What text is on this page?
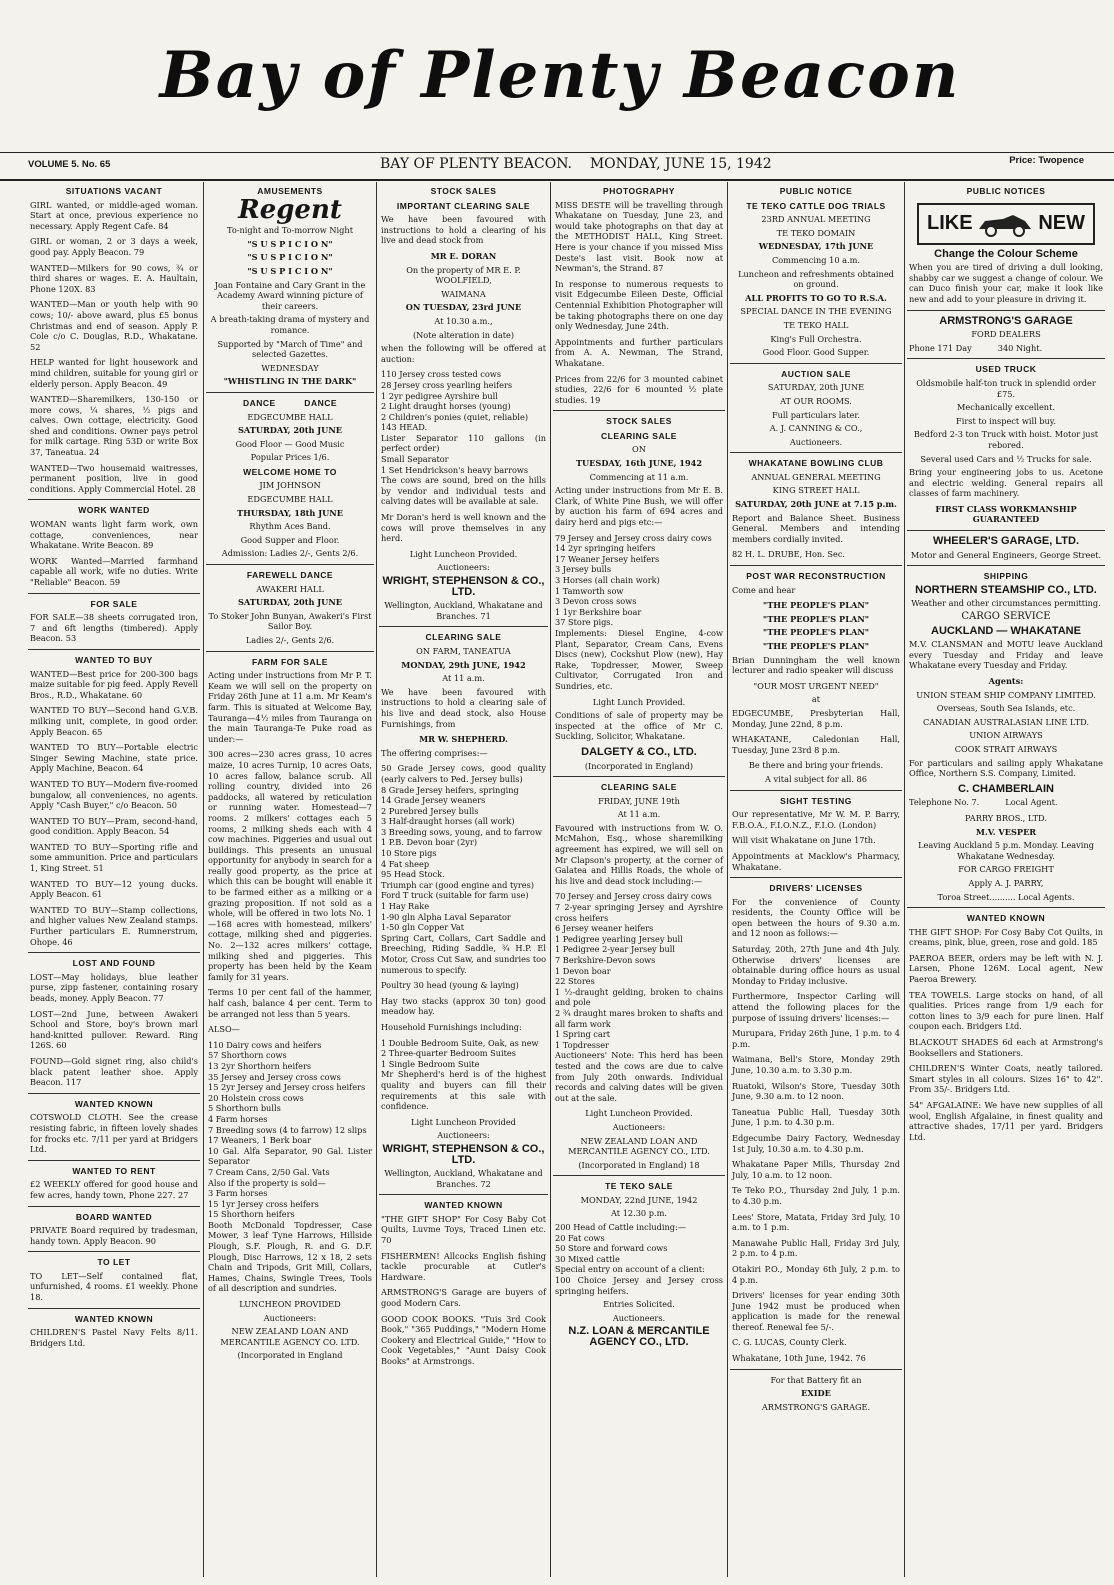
Bay of Plenty Beacon
VOLUME 5. No. 65	BAY OF PLENTY BEACON. MONDAY, JUNE 15, 1942	Price: Twopence
SITUATIONS VACANT
GIRL wanted, or middle-aged woman. Start at once, previous experience no necessary. Apply Regent Cafe. 84
GIRL or woman, 2 or 3 days a week, good pay. Apply Beacon. 79
WANTED—Milkers for 90 cows, ¾ or third shares or wages. E. A. Haultain, Phone 120X. 83
WANTED—Man or youth help with 90 cows; 10/- above award, plus £5 bonus Christmas and end of season. Apply P. Cole c/o C. Douglas, R.D., Whakatane. 52
HELP wanted for light housework and mind children, suitable for young girl or elderly person. Apply Beacon. 49
WANTED—Sharemilkers, 130-150 or more cows, ¼ shares, ½ pigs and calves. Own cottage, electricity. Good shed and conditions. Owner pays petrol for milk cartage. Ring 53D or write Box 37, Taneatua. 24
WANTED—Two housemaid waitresses, permanent position, live in good conditions. Apply Commercial Hotel. 28
WORK WANTED
WOMAN wants light farm work, own cottage, conveniences, near Whakatane. Write Beacon. 89
WORK Wanted—Married farmhand capable all work, wife no duties. Write "Reliable" Beacon. 59
FOR SALE
FOR SALE—38 sheets corrugated iron, 7 and 6ft lengths (timbered). Apply Beacon. 53
WANTED TO BUY
WANTED—Best price for 200-300 bags maize suitable for pig feed. Apply Revell Bros., R.D., Whakatane. 60
WANTED TO BUY—Second hand G.V.B. milking unit, complete, in good order. Apply Beacon. 65
WANTED TO BUY—Portable electric Singer Sewing Machine, state price. Apply Machine, Beacon. 64
WANTED TO BUY—Modern five-roomed bungalow, all conveniences, no agents. Apply "Cash Buyer," c/o Beacon. 50
WANTED TO BUY—Pram, second-hand, good condition. Apply Beacon. 54
WANTED TO BUY—Sporting rifle and some ammunition. Price and particulars 1, King Street. 51
WANTED TO BUY—12 young ducks. Apply Beacon. 61
WANTED TO BUY—Stamp collections, and higher values New Zealand stamps. Further particulars E. Rumnerstrum, Ohope. 46
LOST AND FOUND
LOST—May holidays, blue leather purse, zipp fastener, containing rosary beads, money. Apply Beacon. 77
LOST—2nd June, between Awakeri School and Store, boy's brown marl hand-knitted pullover. Reward. Ring 126S. 60
FOUND—Gold signet ring, also child's black patent leather shoe. Apply Beacon. 117
WANTED KNOWN
COTSWOLD CLOTH. See the crease resisting fabric, in fifteen lovely shades for frocks etc. 7/11 per yard at Bridgers Ltd.
WANTED TO RENT
£2 WEEKLY offered for good house and few acres, handy town, Phone 227. 27
BOARD WANTED
PRIVATE Board required by tradesman, handy town. Apply Beacon. 90
TO LET
TO LET—Self contained flat, unfurnished, 4 rooms. £1 weekly. Phone 18.
WANTED KNOWN
CHILDREN'S Pastel Navy Felts 8/11. Bridgers Ltd.
AMUSEMENTS
Regent
To-night and To-morrow Night
"S U S P I C I O N"
"S U S P I C I O N"
"S U S P I C I O N"
Joan Fontaine and Cary Grant in the Academy Award winning picture of their careers.
A breath-taking drama of mystery and romance.
Supported by "March of Time" and selected Gazettes.
WEDNESDAY
"WHISTLING IN THE DARK"
DANCE          DANCE
EDGECUMBE HALL
SATURDAY, 20th JUNE
Good Floor — Good Music
Popular Prices 1/6.
WELCOME HOME TO
JIM JOHNSON
EDGECUMBE HALL
THURSDAY, 18th JUNE
Rhythm Aces Band.
Good Supper and Floor.
Admission: Ladies 2/-, Gents 2/6.
FAREWELL DANCE
AWAKERI HALL
SATURDAY, 20th JUNE
To Stoker John Bunyan, Awakeri's First Sailor Boy.
Ladies 2/-, Gents 2/6.
FARM FOR SALE
Acting under instructions from Mr P. T. Keam we will sell on the property on Friday 26th June at 11 a.m. Mr Keam's farm. This is situated at Welcome Bay, Tauranga—4½ miles from Tauranga on the main Tauranga-Te Puke road as under:—
300 acres—230 acres grass, 10 acres maize, 10 acres Turnip, 10 acres Oats, 10 acres fallow, balance scrub. All rolling country, divided into 26 paddocks, all watered by reticulation or running water. Homestead—7 rooms. 2 milkers' cottages each 5 rooms, 2 milking sheds each with 4 cow machines. Piggeries and usual out buildings. This presents an unusual opportunity for anybody in search for a really good property, as the price at which this can be bought will enable it to be farmed either as a milking or a grazing proposition. If not sold as a whole, will be offered in two lots No. 1—168 acres with homestead, milkers' cottage, milking shed and piggeries. No. 2—132 acres milkers' cottage, milking shed and piggeries. This property has been held by the Keam family for 31 years.
Terms 10 per cent fail of the hammer, half cash, balance 4 per cent. Term to be arranged not less than 5 years.
ALSO—
110 Dairy cows and heifers
57 Shorthorn cows
13 2yr Shorthorn heifers
35 Jersey and Jersey cross cows
15 2yr Jersey and Jersey cross heifers
20 Holstein cross cows
5 Shorthorn bulls
4 Farm horses
7 Breeding sows (4 to farrow) 12 slips
17 Weaners, 1 Berk boar
10 Gal. Alfa Separator, 90 Gal. Lister Separator
7 Cream Cans, 2/50 Gal. Vats
Also if the property is sold—
3 Farm horses
15 1yr Jersey cross heifers
15 Shorthorn heifers
Booth McDonald Topdresser, Case Mower, 3 leaf Tyne Harrows, Hillside Plough, S.F. Plough, R. and G. D.F. Plough, Disc Harrows, 12 x 18, 2 sets Chain and Tripods, Grit Mill, Collars, Hames, Chains, Swingle Trees, Tools of all description and sundries.
LUNCHEON PROVIDED
Auctioneers:
NEW ZEALAND LOAN AND MERCANTILE AGENCY CO. LTD.
(Incorporated in England
STOCK SALES
IMPORTANT CLEARING SALE
We have been favoured with instructions to hold a clearing of his live and dead stock from
MR E. DORAN
On the property of MR E. P. WOOLFIELD,
WAIMANA
ON TUESDAY, 23rd JUNE
At 10.30 a.m.,
(Note alteration in date)
when the following will be offered at auction:
110 Jersey cross tested cows
28 Jersey cross yearling heifers
1 2yr pedigree Ayrshire bull
2 Light draught horses (young)
2 Children's ponies (quiet, reliable)
143 HEAD.
Lister Separator 110 gallons (in perfect order)
Small Separator
1 Set Hendrickson's heavy barrows
The cows are sound, bred on the hills by vendor and individual tests and calving dates will be available at sale.
Mr Doran's herd is well known and the cows will prove themselves in any herd.
Light Luncheon Provided.
Auctioneers:
WRIGHT, STEPHENSON & CO., LTD.
Wellington, Auckland, Whakatane and Branches. 71
CLEARING SALE
ON FARM, TANEATUA
MONDAY, 29th JUNE, 1942
At 11 a.m.
We have been favoured with instructions to hold a clearing sale of his live and dead stock, also House Furnishings, from
MR W. SHEPHERD.
The offering comprises:—
50 Grade Jersey cows, good quality (early calvers to Ped. Jersey bulls)
8 Grade Jersey heifers, springing
14 Grade Jersey weaners
2 Purebred Jersey bulls
3 Half-draught horses (all work)
3 Breeding sows, young, and to farrow
1 P.B. Devon boar (2yr)
10 Store pigs
4 Fat sheep
95 Head Stock.
Triumph car (good engine and tyres)
Ford T truck (suitable for farm use)
1 Hay Rake
1-90 gln Alpha Laval Separator
1-50 gln Copper Vat
Spring Cart, Collars, Cart Saddle and Breeching, Riding Saddle, ¾ H.P. El Motor, Cross Cut Saw, and sundries too numerous to specify.
Poultry 30 head (young & laying)
Hay two stacks (approx 30 ton) good meadow hay.
Household Furnishings including:
1 Double Bedroom Suite, Oak, as new
2 Three-quarter Bedroom Suites
1 Single Bedroom Suite
Mr Shepherd's herd is of the highest quality and buyers can fill their requirements at this sale with confidence.
Light Luncheon Provided
Auctioneers:
WRIGHT, STEPHENSON & CO., LTD.
Wellington, Auckland, Whakatane and Branches. 72
WANTED KNOWN
"THE GIFT SHOP" For Cosy Baby Cot Quilts, Luvme Toys, Traced Linen etc. 70
FISHERMEN! Allcocks English fishing tackle procurable at Cutler's Hardware.
ARMSTRONG'S Garage are buyers of good Modern Cars.
GOOD COOK BOOKS. "Tuis 3rd Cook Book," "365 Puddings," "Modern Home Cookery and Electrical Guide," "How to Cook Vegetables," "Aunt Daisy Cook Books" at Armstrongs.
PHOTOGRAPHY
MISS DESTE will be travelling through Whakatane on Tuesday, June 23, and would take photographs on that day at the METHODIST HALL, King Street. Here is your chance if you missed Miss Deste's last visit. Book now at Newman's, the Strand. 87
In response to numerous requests to visit Edgecumbe Eileen Deste, Official Centennial Exhibition Photographer will be taking photographs there on one day only Wednesday, June 24th.
Appointments and further particulars from A. A. Newman, The Strand, Whakatane.
Prices from 22/6 for 3 mounted cabinet studies, 22/6 for 6 mounted ½ plate studies. 19
STOCK SALES
CLEARING SALE
ON
TUESDAY, 16th JUNE, 1942
Commencing at 11 a.m.
Acting under instructions from Mr E. B. Clark, of White Pine Bush, we will offer by auction his farm of 694 acres and dairy herd and pigs etc:—
79 Jersey and Jersey cross dairy cows
14 2yr springing heifers
17 Weaner Jersey heifers
3 Jersey bulls
3 Horses (all chain work)
1 Tamworth sow
3 Devon cross sows
1 1yr Berkshire boar
37 Store pigs.
Implements: Diesel Engine, 4-cow Plant, Separator, Cream Cans, Evens Discs (new), Cockshut Plow (new), Hay Rake, Topdresser, Mower, Sweep Cultivator, Corrugated Iron and Sundries, etc.
Light Lunch Provided.
Conditions of sale of property may be inspected at the office of Mr C. Suckling, Solicitor, Whakatane.
DALGETY & CO., LTD.
(Incorporated in England)
CLEARING SALE
FRIDAY, JUNE 19th
At 11 a.m.
Favoured with instructions from W. O. McMahon, Esq., whose sharemilking agreement has expired, we will sell on Mr Clapson's property, at the corner of Galatea and Hillis Roads, the whole of his live and dead stock including:—
70 Jersey and Jersey cross dairy cows
7 2-year springing Jersey and Ayrshire cross heifers
6 Jersey weaner heifers
1 Pedigree yearling Jersey bull
1 Pedigree 2-year Jersey bull
7 Berkshire-Devon sows
1 Devon boar
22 Stores
1 ½-draught gelding, broken to chains and pole
2 ¾ draught mares broken to shafts and all farm work
1 Spring cart
1 Topdresser
Auctioneers' Note: This herd has been tested and the cows are due to calve from July 20th onwards. Individual records and calving dates will be given out at the sale.
Light Luncheon Provided.
Auctioneers:
NEW ZEALAND LOAN AND MERCANTILE AGENCY CO., LTD.
(Incorporated in England) 18
TE TEKO SALE
MONDAY, 22nd JUNE, 1942
At 12.30 p.m.
200 Head of Cattle including:—
20 Fat cows
50 Store and forward cows
30 Mixed cattle
Special entry on account of a client:
100 Choice Jersey and Jersey cross springing heifers.
Entries Solicited.
Auctioneers.
N.Z. LOAN & MERCANTILE AGENCY CO., LTD.
PUBLIC NOTICE
TE TEKO CATTLE DOG TRIALS
23RD ANNUAL MEETING
TE TEKO DOMAIN
WEDNESDAY, 17th JUNE
Commencing 10 a.m.
Luncheon and refreshments obtained on ground.
ALL PROFITS TO GO TO R.S.A.
SPECIAL DANCE IN THE EVENING
TE TEKO HALL
King's Full Orchestra.
Good Floor. Good Supper.
AUCTION SALE
SATURDAY, 20th JUNE
AT OUR ROOMS.
Full particulars later.
A. J. CANNING & CO.,
Auctioneers.
WHAKATANE BOWLING CLUB
ANNUAL GENERAL MEETING
KING STREET HALL
SATURDAY, 20th JUNE at 7.15 p.m.
Report and Balance Sheet. Business General. Members and intending members cordially invited.
82 H. L. DRUBE, Hon. Sec.
POST WAR RECONSTRUCTION
Come and hear
"THE PEOPLE'S PLAN"
"THE PEOPLE'S PLAN"
"THE PEOPLE'S PLAN"
"THE PEOPLE'S PLAN"
Brian Dunningham the well known lecturer and radio speaker will discuss
"OUR MOST URGENT NEED"
at
EDGECUMBE, Presbyterian Hall, Monday, June 22nd, 8 p.m.
WHAKATANE, Caledonian Hall, Tuesday, June 23rd 8 p.m.
Be there and bring your friends.
A vital subject for all. 86
SIGHT TESTING
Our representative, Mr W. M. P. Barry, F.B.O.A., F.I.O.N.Z., F.I.O. (London)
Will visit Whakatane on June 17th.
Appointments at Macklow's Pharmacy, Whakatane.
DRIVERS' LICENSES
For the convenience of County residents, the County Office will be open between the hours of 9.30 a.m. and 12 noon as follows:—
Saturday, 20th, 27th June and 4th July. Otherwise drivers' licenses are obtainable during office hours as usual Monday to Friday inclusive.
Furthermore, Inspector Carling will attend the following places for the purpose of issuing drivers' licenses:—
Murupara, Friday 26th June, 1 p.m. to 4 p.m.
Waimana, Bell's Store, Monday 29th June, 10.30 a.m. to 3.30 p.m.
Ruatoki, Wilson's Store, Tuesday 30th June, 9.30 a.m. to 12 noon.
Taneatua Public Hall, Tuesday 30th June, 1 p.m. to 4.30 p.m.
Edgecumbe Dairy Factory, Wednesday 1st July, 10.30 a.m. to 4.30 p.m.
Whakatane Paper Mills, Thursday 2nd July, 10 a.m. to 12 noon.
Te Teko P.O., Thursday 2nd July, 1 p.m. to 4.30 p.m.
Lees' Store, Matata, Friday 3rd July, 10 a.m. to 1 p.m.
Manawahe Public Hall, Friday 3rd July, 2 p.m. to 4 p.m.
Otakiri P.O., Monday 6th July, 2 p.m. to 4 p.m.
Drivers' licenses for year ending 30th June 1942 must be produced when application is made for the renewal thereof. Renewal fee 5/-.
C. G. LUCAS, County Clerk.
Whakatane, 10th June, 1942. 76
For that Battery fit an
EXIDE
ARMSTRONG'S GARAGE.
PUBLIC NOTICES
LIKE	NEW
Change the Colour Scheme
When you are tired of driving a dull looking, shabby car we suggest a change of colour. We can Duco finish your car, make it look like new and add to your pleasure in driving it.
ARMSTRONG'S GARAGE
FORD DEALERS
Phone 171 Day          340 Night.
USED TRUCK
Oldsmobile half-ton truck in splendid order £75.
Mechanically excellent.
First to inspect will buy.
Bedford 2-3 ton Truck with hoist. Motor just rebored.
Several used Cars and ½ Trucks for sale.
Bring your engineering jobs to us. Acetone and electric welding. General repairs all classes of farm machinery.
FIRST CLASS WORKMANSHIP GUARANTEED
WHEELER'S GARAGE, LTD.
Motor and General Engineers, George Street.
SHIPPING
NORTHERN STEAMSHIP CO., LTD.
Weather and other circumstances permitting.
CARGO SERVICE
AUCKLAND — WHAKATANE
M.V. CLANSMAN and MOTU leave Auckland every Tuesday and Friday and leave Whakatane every Tuesday and Friday.
Agents:
UNION STEAM SHIP COMPANY LIMITED.
Overseas, South Sea Islands, etc.
CANADIAN AUSTRALASIAN LINE LTD.
UNION AIRWAYS
COOK STRAIT AIRWAYS
For particulars and sailing apply Whakatane Office, Northern S.S. Company, Limited.
C. CHAMBERLAIN
Telephone No. 7.          Local Agent.
PARRY BROS., LTD.
M.V. VESPER
Leaving Auckland 5 p.m. Monday. Leaving Whakatane Wednesday.
FOR CARGO FREIGHT
Apply A. J. PARRY,
Toroa Street.......... Local Agents.
WANTED KNOWN
THE GIFT SHOP: For Cosy Baby Cot Quilts, in creams, pink, blue, green, rose and gold. 185
PAEROA BEER, orders may be left with N. J. Larsen, Phone 126M. Local agent, New Paeroa Brewery.
TEA TOWELS. Large stocks on hand, of all qualities. Prices range from 1/9 each for cotton lines to 3/9 each for pure linen. Half coupon each. Bridgers Ltd.
BLACKOUT SHADES 6d each at Armstrong's Booksellers and Stationers.
CHILDREN'S Winter Coats, neatly tailored. Smart styles in all colours. Sizes 16" to 42". From 35/-. Bridgers Ltd.
54" AFGALAINE: We have new supplies of all wool, English Afgalaine, in finest quality and attractive shades, 17/11 per yard. Bridgers Ltd.
